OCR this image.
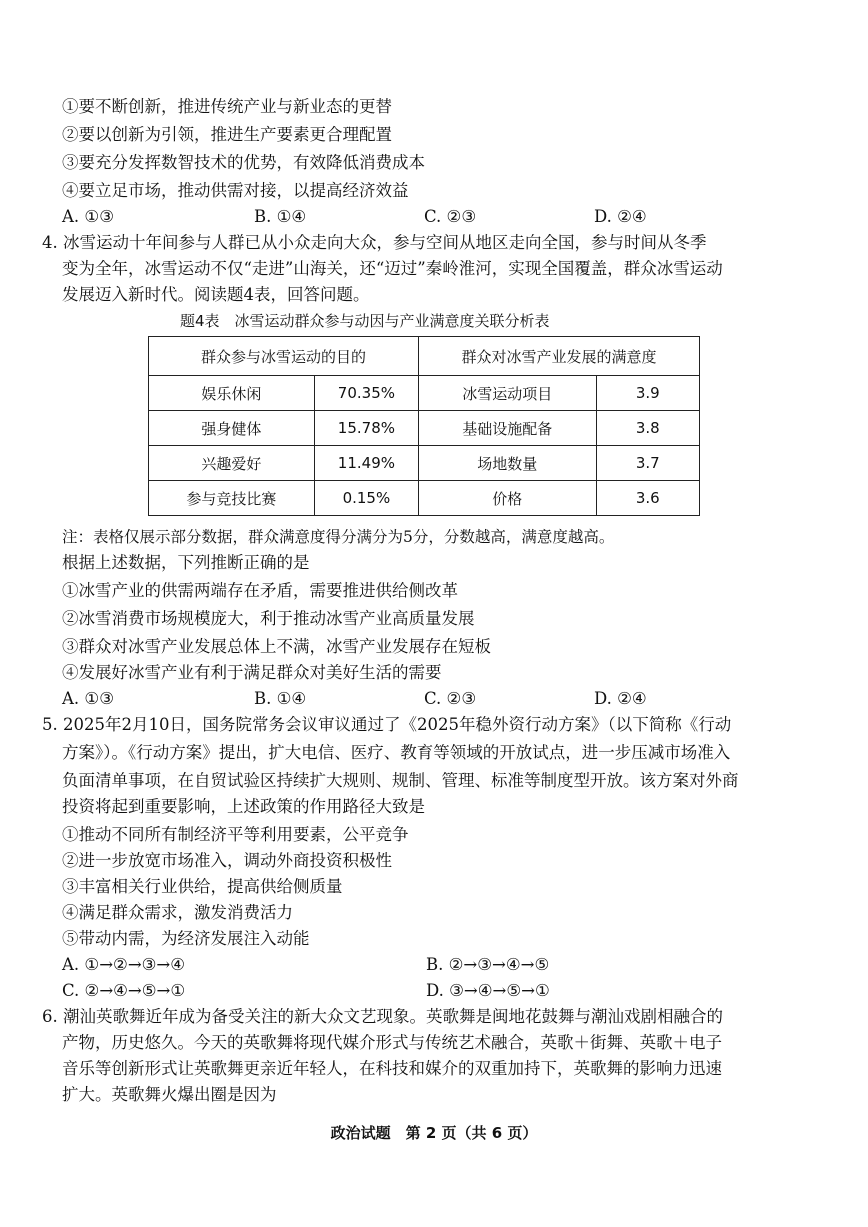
①要不断创新，推进传统产业与新业态的更替
②要以创新为引领，推进生产要素更合理配置
③要充分发挥数智技术的优势，有效降低消费成本
④要立足市场，推动供需对接，以提高经济效益
A. ①③	B. ①④	C. ②③	D. ②④
4. 冰雪运动十年间参与人群已从小众走向大众，参与空间从地区走向全国，参与时间从冬季
变为全年，冰雪运动不仅“走进”山海关，还“迈过”秦岭淮河，实现全国覆盖，群众冰雪运动
发展迈入新时代。阅读题4表，回答问题。
题4表　冰雪运动群众参与动因与产业满意度关联分析表
群众参与冰雪运动的目的		群众对冰雪产业发展的满意度	
娱乐休闲	70.35%	冰雪运动项目	3.9
强身健体	15.78%	基础设施配备	3.8
兴趣爱好	11.49%	场地数量	3.7
参与竞技比赛	0.15%	价格	3.6
注：表格仅展示部分数据，群众满意度得分满分为5分，分数越高，满意度越高。
根据上述数据，下列推断正确的是
①冰雪产业的供需两端存在矛盾，需要推进供给侧改革
②冰雪消费市场规模庞大，利于推动冰雪产业高质量发展
③群众对冰雪产业发展总体上不满，冰雪产业发展存在短板
④发展好冰雪产业有利于满足群众对美好生活的需要
A. ①③	B. ①④	C. ②③	D. ②④
5. 2025年2月10日，国务院常务会议审议通过了《2025年稳外资行动方案》（以下简称《行动
方案》）。《行动方案》提出，扩大电信、医疗、教育等领域的开放试点，进一步压减市场准入
负面清单事项，在自贸试验区持续扩大规则、规制、管理、标准等制度型开放。该方案对外商
投资将起到重要影响，上述政策的作用路径大致是
①推动不同所有制经济平等利用要素，公平竞争
②进一步放宽市场准入，调动外商投资积极性
③丰富相关行业供给，提高供给侧质量
④满足群众需求，激发消费活力
⑤带动内需，为经济发展注入动能
A. ①→②→③→④	B. ②→③→④→⑤
C. ②→④→⑤→①	D. ③→④→⑤→①
6. 潮汕英歌舞近年成为备受关注的新大众文艺现象。英歌舞是闽地花鼓舞与潮汕戏剧相融合的
产物，历史悠久。今天的英歌舞将现代媒介形式与传统艺术融合，英歌＋街舞、英歌＋电子
音乐等创新形式让英歌舞更亲近年轻人，在科技和媒介的双重加持下，英歌舞的影响力迅速
扩大。英歌舞火爆出圈是因为
政治试题　第 2 页（共 6 页）
